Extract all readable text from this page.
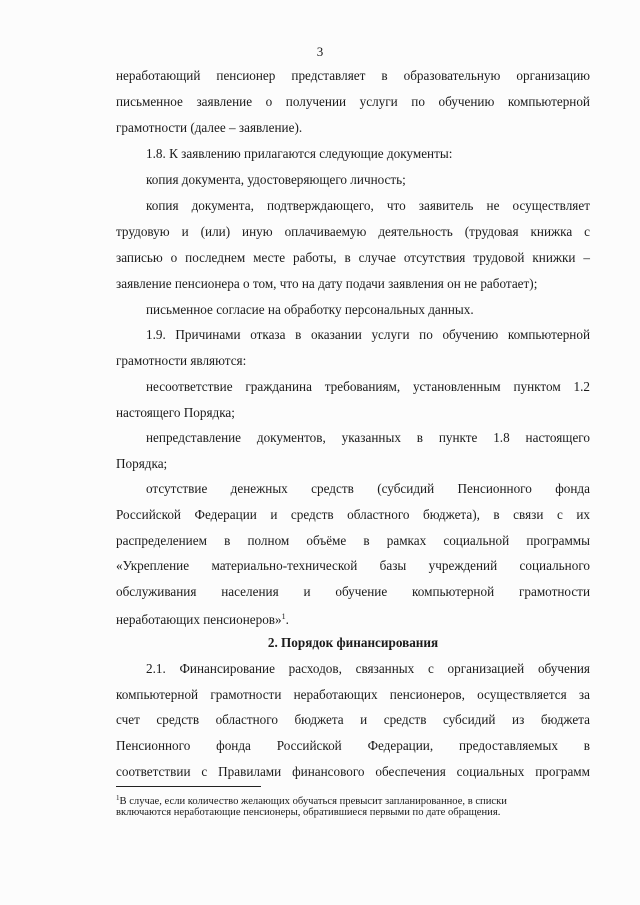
3
неработающий пенсионер представляет в образовательную организацию
письменное заявление о получении услуги по обучению компьютерной
грамотности (далее – заявление).
1.8. К заявлению прилагаются следующие документы:
копия документа, удостоверяющего личность;
копия документа, подтверждающего, что заявитель не осуществляет
трудовую и (или) иную оплачиваемую деятельность (трудовая книжка с
записью о последнем месте работы, в случае отсутствия трудовой книжки –
заявление пенсионера о том, что на дату подачи заявления он не работает);
письменное согласие на обработку персональных данных.
1.9. Причинами отказа в оказании услуги по обучению компьютерной
грамотности являются:
несоответствие гражданина требованиям, установленным пунктом 1.2
настоящего Порядка;
непредставление документов, указанных в пункте 1.8 настоящего
Порядка;
отсутствие денежных средств (субсидий Пенсионного фонда
Российской Федерации и средств областного бюджета), в связи с их
распределением в полном объёме в рамках социальной программы
«Укрепление материально-технической базы учреждений социального
обслуживания населения и обучение компьютерной грамотности
неработающих пенсионеров»$^1$.
2. Порядок финансирования
2.1. Финансирование расходов, связанных с организацией обучения
компьютерной грамотности неработающих пенсионеров, осуществляется за
счет средств областного бюджета и средств субсидий из бюджета
Пенсионного фонда Российской Федерации, предоставляемых в
соответствии с Правилами финансового обеспечения социальных программ
$^1$В случае, если количество желающих обучаться превысит запланированное, в списки
включаются неработающие пенсионеры, обратившиеся первыми по дате обращения.
